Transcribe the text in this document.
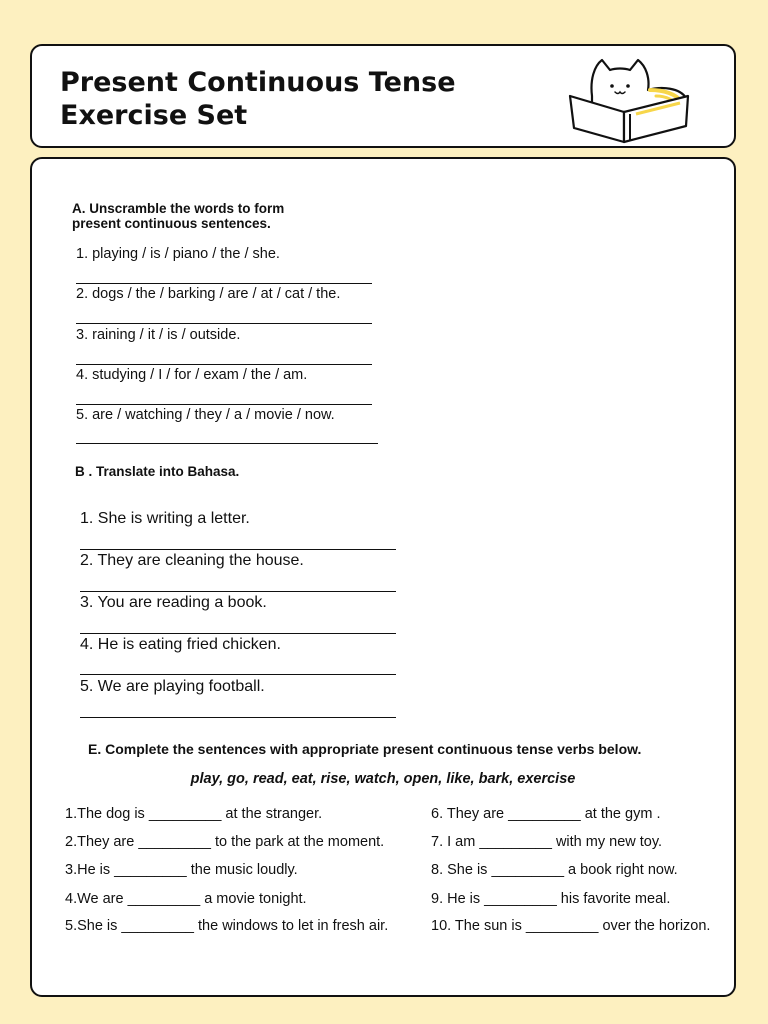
Present Continuous Tense
Exercise Set
A. Unscramble the words to form
present continuous sentences.
1. playing / is / piano / the / she.
2. dogs / the / barking / are / at / cat / the.
3. raining / it / is / outside.
4. studying / I / for / exam / the / am.
5. are / watching / they / a / movie / now.
B . Translate into Bahasa.
1. She is writing a letter.
2. They are cleaning the house.
3. You are reading a book.
4. He is eating fried chicken.
5. We are playing football.
E. Complete the sentences with appropriate present continuous tense verbs below.
play, go, read, eat, rise, watch, open, like, bark, exercise
1.The dog is _________ at the stranger.
2.They are _________ to the park at the moment.
3.He is _________ the music loudly.
4.We are _________ a movie tonight.
5.She is _________ the windows to let in fresh air.
6. They are _________ at the gym .
7. I am _________ with my new toy.
8. She is _________ a book right now.
9. He is _________ his favorite meal.
10. The sun is _________ over the horizon.
